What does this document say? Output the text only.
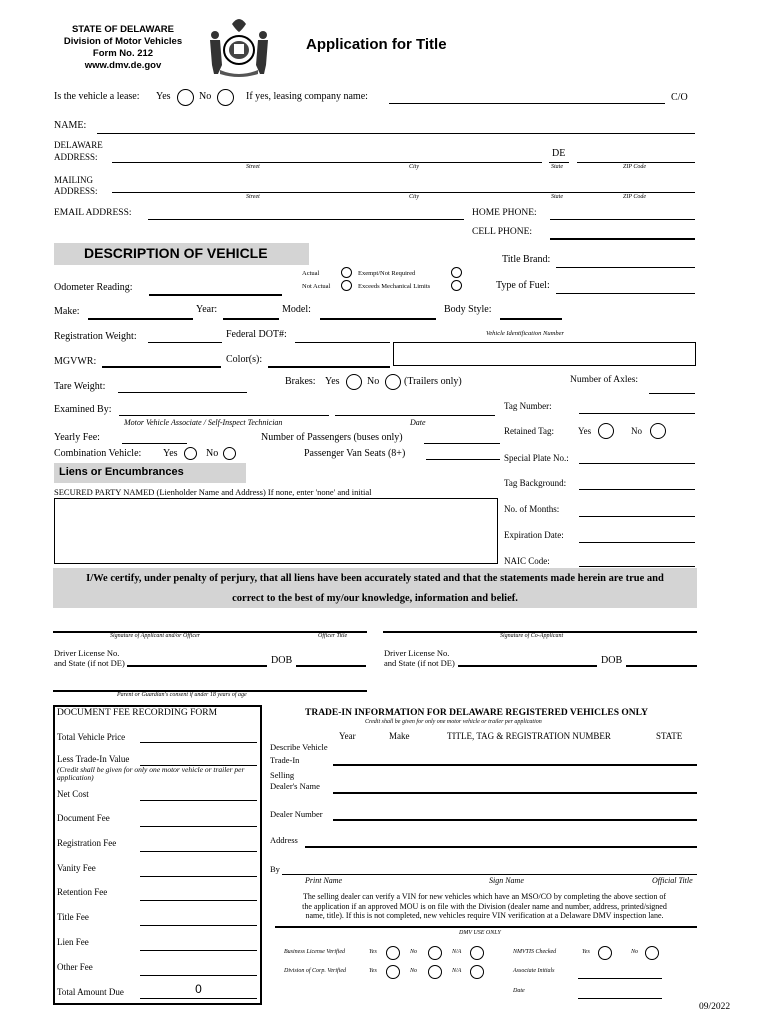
STATE OF DELAWARE
Division of Motor Vehicles
Form No. 212
www.dmv.de.gov
Application for Title
Is the vehicle a lease: Yes	No	If yes, leasing company name:	C/O
NAME:
DELAWARE
ADDRESS:	DE
Street	City	State	ZIP Code
MAILING
ADDRESS:
Street	City	State	ZIP Code
EMAIL ADDRESS:	HOME PHONE:
CELL PHONE:
DESCRIPTION OF VEHICLE	Title Brand:
Odometer Reading:
Actual
Not Actual
Exempt/Not Required
Exceeds Mechanical Limits	Type of Fuel:
Make:	Year:	Model:	Body Style:
Registration Weight:	Federal DOT#:	Vehicle Identification Number
MGVWR:	Color(s):
Tare Weight:	Brakes: Yes	No (Trailers only)	Number of Axles:
Examined By:
Motor Vehicle Associate / Self-Inspect Technician	Date
Tag Number:
Yearly Fee:	Number of Passengers (buses only)
Retained Tag:	Yes	No
Combination Vehicle: Yes	No	Passenger Van Seats (8+)	Special Plate No.:
Liens or Encumbrances
SECURED PARTY NAMED (Lienholder Name and Address) If none, enter 'none' and initial
Tag Background:
No. of Months:
Expiration Date:
NAIC Code:
I/We certify, under penalty of perjury, that all liens have been accurately stated and that the statements made herein are true and
correct to the best of my/our knowledge, information and belief.
Signature of Applicant and/or Officer	Officer Title	Signature of Co-Applicant
Driver License No.
and State (if not DE)	DOB
Driver License No.
and State (if not DE)	DOB
Parent or Guardian's consent if under 18 years of age
DOCUMENT FEE RECORDING FORM
Total Vehicle Price
Less Trade-In Value
(Credit shall be given for only one motor vehicle or trailer per application)
Net Cost
Document Fee
Registration Fee
Vanity Fee
Retention Fee
Title Fee
Lien Fee
Other Fee
Total Amount Due	0
TRADE-IN INFORMATION FOR DELAWARE REGISTERED VEHICLES ONLY
Credit shall be given for only one motor vehicle or trailer per application
Year	Make	TITLE, TAG & REGISTRATION NUMBER	STATE
Describe Vehicle
Trade-In
Selling
Dealer's Name
Dealer Number
Address
By
Print Name	Sign Name	Official Title
The selling dealer can verify a VIN for new vehicles which have an MSO/CO by completing the above section of
the application if an approved MOU is on file with the Division (dealer name and number, address, printed/signed
name, title). If this is not completed, new vehicles require VIN verification at a Delaware DMV inspection lane.
DMV USE ONLY
Business License Verified	Yes	No	N/A	NMVTIS Checked	Yes	No
Division of Corp. Verified	Yes	No	N/A	Associate Initials
Date
09/2022
